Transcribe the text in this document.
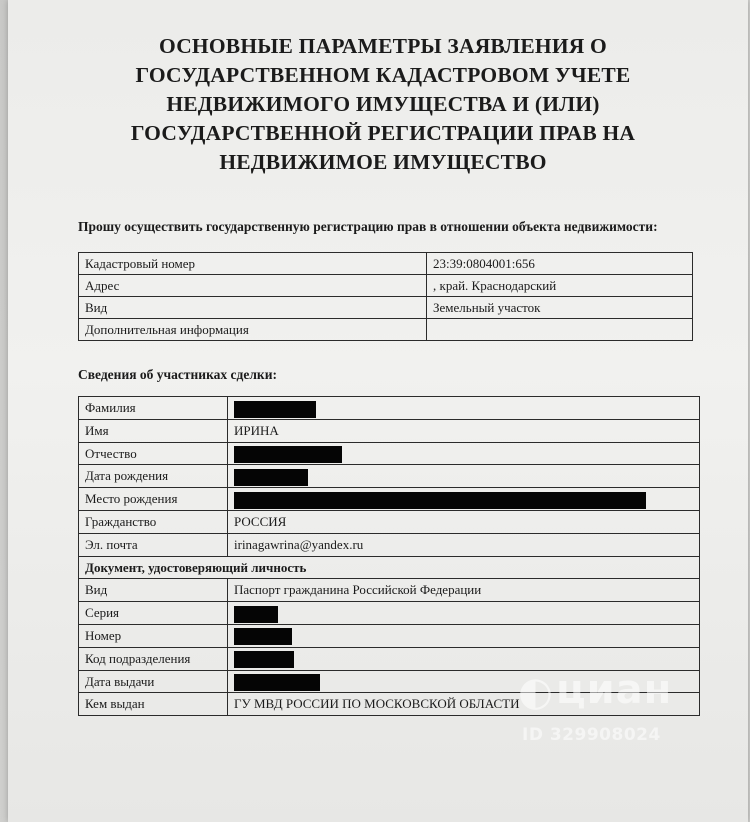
ОСНОВНЫЕ ПАРАМЕТРЫ ЗАЯВЛЕНИЯ О
ГОСУДАРСТВЕННОМ КАДАСТРОВОМ УЧЕТЕ
НЕДВИЖИМОГО ИМУЩЕСТВА И (ИЛИ)
ГОСУДАРСТВЕННОЙ РЕГИСТРАЦИИ ПРАВ НА
НЕДВИЖИМОЕ ИМУЩЕСТВО
Прошу осуществить государственную регистрацию прав в отношении объекта недвижимости:
Кадастровый номер	23:39:0804001:656
Адрес	, край. Краснодарский
Вид	Земельный участок
Дополнительная информация	
Сведения об участниках сделки:
Фамилия	
Имя	ИРИНА
Отчество	
Дата рождения	
Место рождения	
Гражданство	РОССИЯ
Эл. почта	irinagawrina@yandex.ru
Документ, удостоверяющий личность	
Вид	Паспорт гражданина Российской Федерации
Серия	
Номер	
Код подразделения	
Дата выдачи	
Кем выдан	ГУ МВД РОССИИ ПО МОСКОВСКОЙ ОБЛАСТИ
◐ циан
ID 329908024
